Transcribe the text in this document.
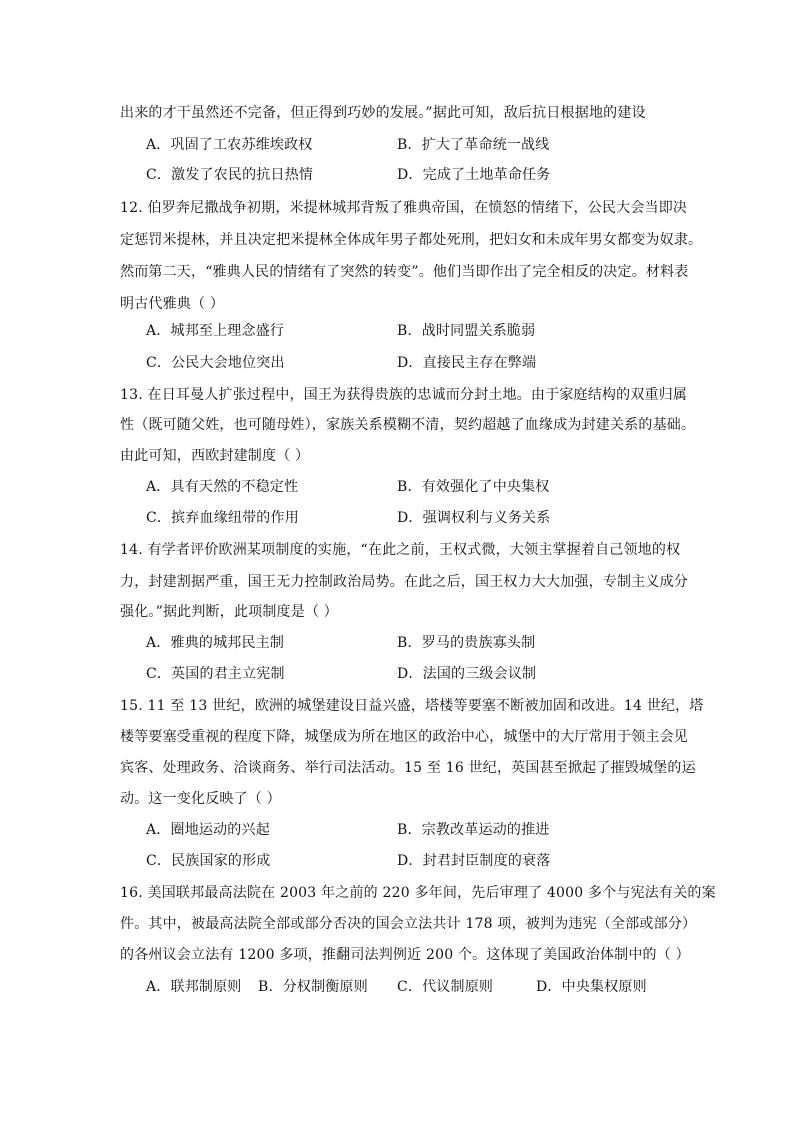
出来的才干虽然还不完备，但正得到巧妙的发展。”据此可知，敌后抗日根据地的建设
A．巩固了工农苏维埃政权	B．扩大了革命统一战线
C．激发了农民的抗日热情	D．完成了土地革命任务
12. 伯罗奔尼撒战争初期，米提林城邦背叛了雅典帝国，在愤怒的情绪下，公民大会当即决
定惩罚米提林，并且决定把米提林全体成年男子都处死刑，把妇女和未成年男女都变为奴隶。
然而第二天，“雅典人民的情绪有了突然的转变”。他们当即作出了完全相反的决定。材料表
明古代雅典（ ）
A．城邦至上理念盛行	B．战时同盟关系脆弱
C．公民大会地位突出	D．直接民主存在弊端
13. 在日耳曼人扩张过程中，国王为获得贵族的忠诚而分封土地。由于家庭结构的双重归属
性（既可随父姓，也可随母姓），家族关系模糊不清，契约超越了血缘成为封建关系的基础。
由此可知，西欧封建制度（ ）
A．具有天然的不稳定性	B．有效强化了中央集权
C．摈弃血缘纽带的作用	D．强调权利与义务关系
14. 有学者评价欧洲某项制度的实施，“在此之前，王权式微，大领主掌握着自己领地的权
力，封建割据严重，国王无力控制政治局势。在此之后，国王权力大大加强，专制主义成分
强化。”据此判断，此项制度是（ ）
A．雅典的城邦民主制	B．罗马的贵族寡头制
C．英国的君主立宪制	D．法国的三级会议制
15. 11 至 13 世纪，欧洲的城堡建设日益兴盛，塔楼等要塞不断被加固和改进。14 世纪，塔
楼等要塞受重视的程度下降，城堡成为所在地区的政治中心，城堡中的大厅常用于领主会见
宾客、处理政务、洽谈商务、举行司法活动。15 至 16 世纪，英国甚至掀起了摧毁城堡的运
动。这一变化反映了（ ）
A．圈地运动的兴起	B．宗教改革运动的推进
C．民族国家的形成	D．封君封臣制度的衰落
16. 美国联邦最高法院在 2003 年之前的 220 多年间，先后审理了 4000 多个与宪法有关的案
件。其中，被最高法院全部或部分否决的国会立法共计 178 项，被判为违宪（全部或部分）
的各州议会立法有 1200 多项，推翻司法判例近 200 个。这体现了美国政治体制中的（ ）
A．联邦制原则 B．分权制衡原则 C．代议制原则	D．中央集权原则
